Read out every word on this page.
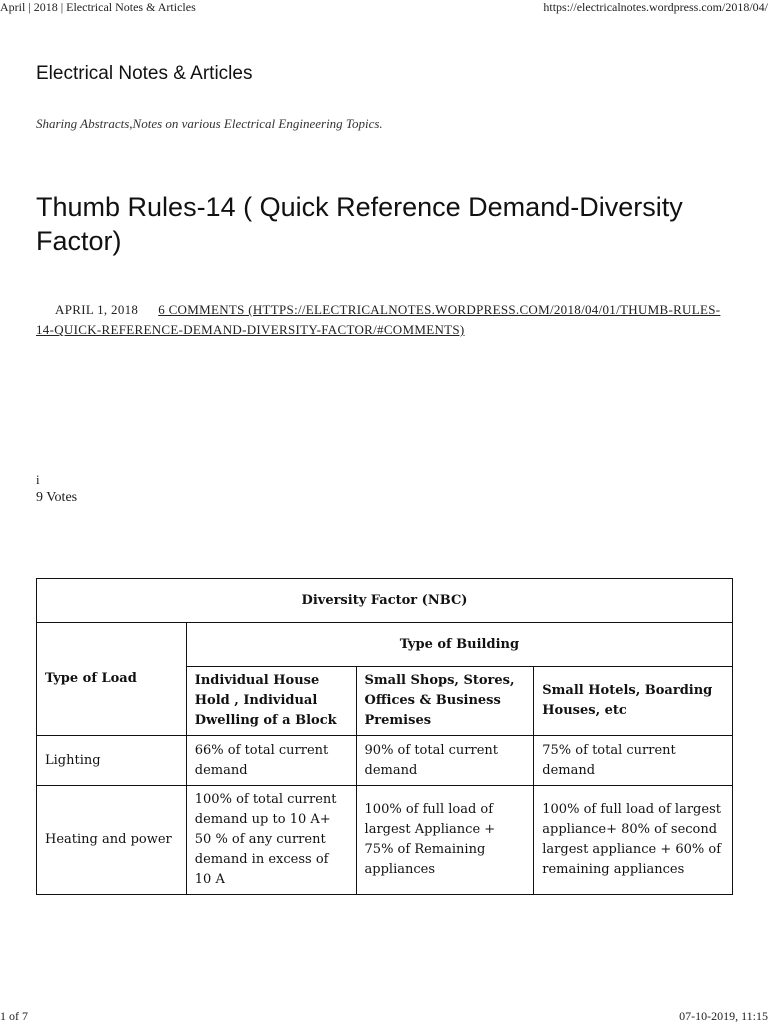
April | 2018 | Electrical Notes & Articles	https://electricalnotes.wordpress.com/2018/04/
Electrical Notes & Articles
Sharing Abstracts,Notes on various Electrical Engineering Topics.
Thumb Rules-14 ( Quick Reference Demand-Diversity Factor)
APRIL 1, 2018 6 COMMENTS (HTTPS://ELECTRICALNOTES.WORDPRESS.COM/2018/04/01/THUMB-RULES-14-QUICK-REFERENCE-DEMAND-DIVERSITY-FACTOR/#COMMENTS)
i
9 Votes
Diversity Factor (NBC)			
Type of Load	Type of Building		
	Individual House Hold , Individual Dwelling of a Block	Small Shops, Stores, Offices & Business Premises	Small Hotels, Boarding Houses, etc
Lighting	66% of total current demand	90% of total current demand	75% of total current demand
Heating and power	100% of total current demand up to 10 A+ 50 % of any current demand in excess of 10 A	100% of full load of largest Appliance + 75% of Remaining appliances	100% of full load of largest appliance+ 80% of second largest appliance + 60% of remaining appliances
1 of 7	07-10-2019, 11:15
